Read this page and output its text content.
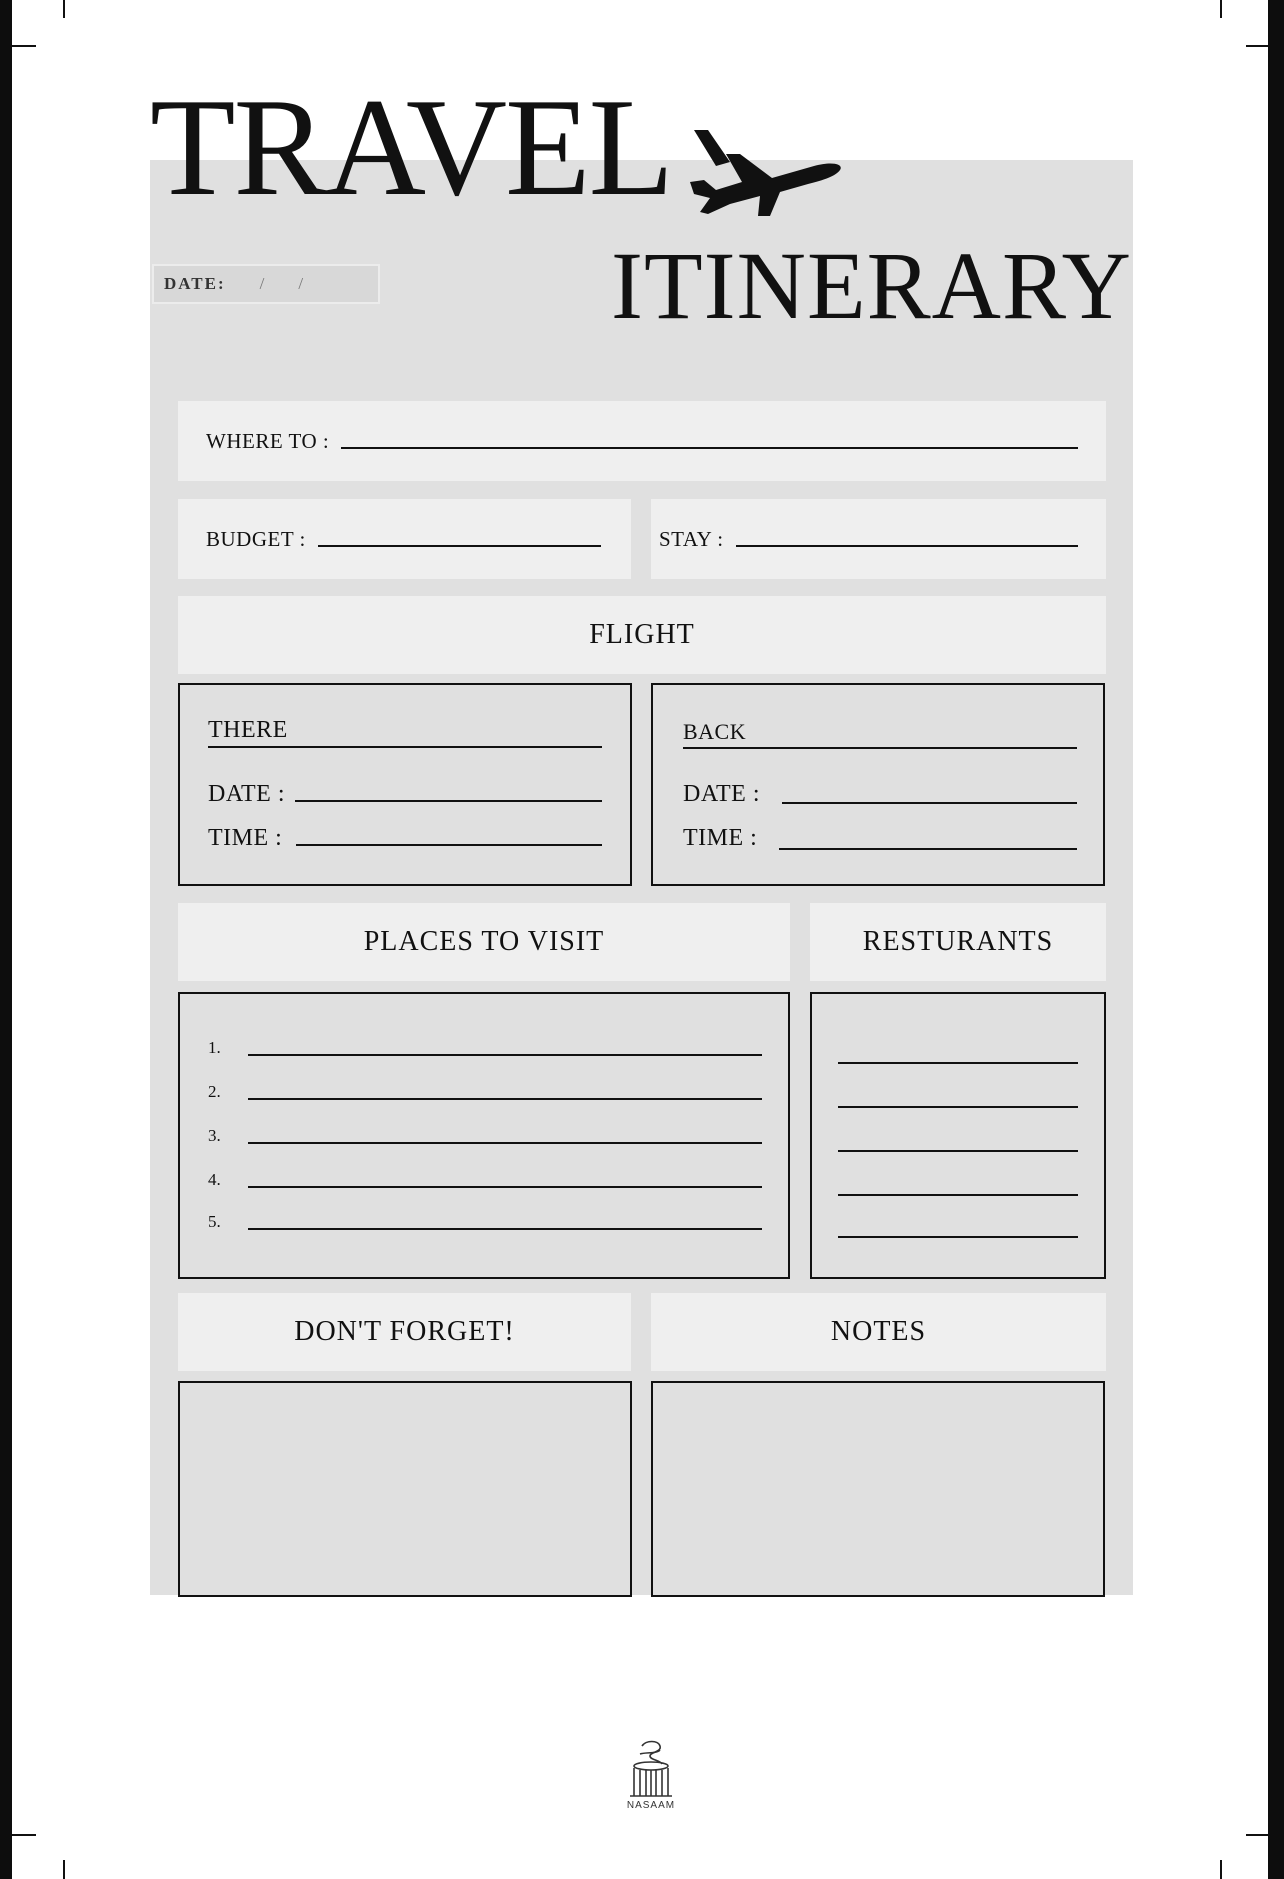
TRAVEL
ITINERARY
DATE: / /
WHERE TO :
BUDGET :	STAY :
FLIGHT
THERE
DATE :
TIME :
BACK
DATE :
TIME :
PLACES TO VISIT	RESTURANTS
1.
2.
3.
4.
5.
DON'T FORGET!	NOTES
NASAAM
